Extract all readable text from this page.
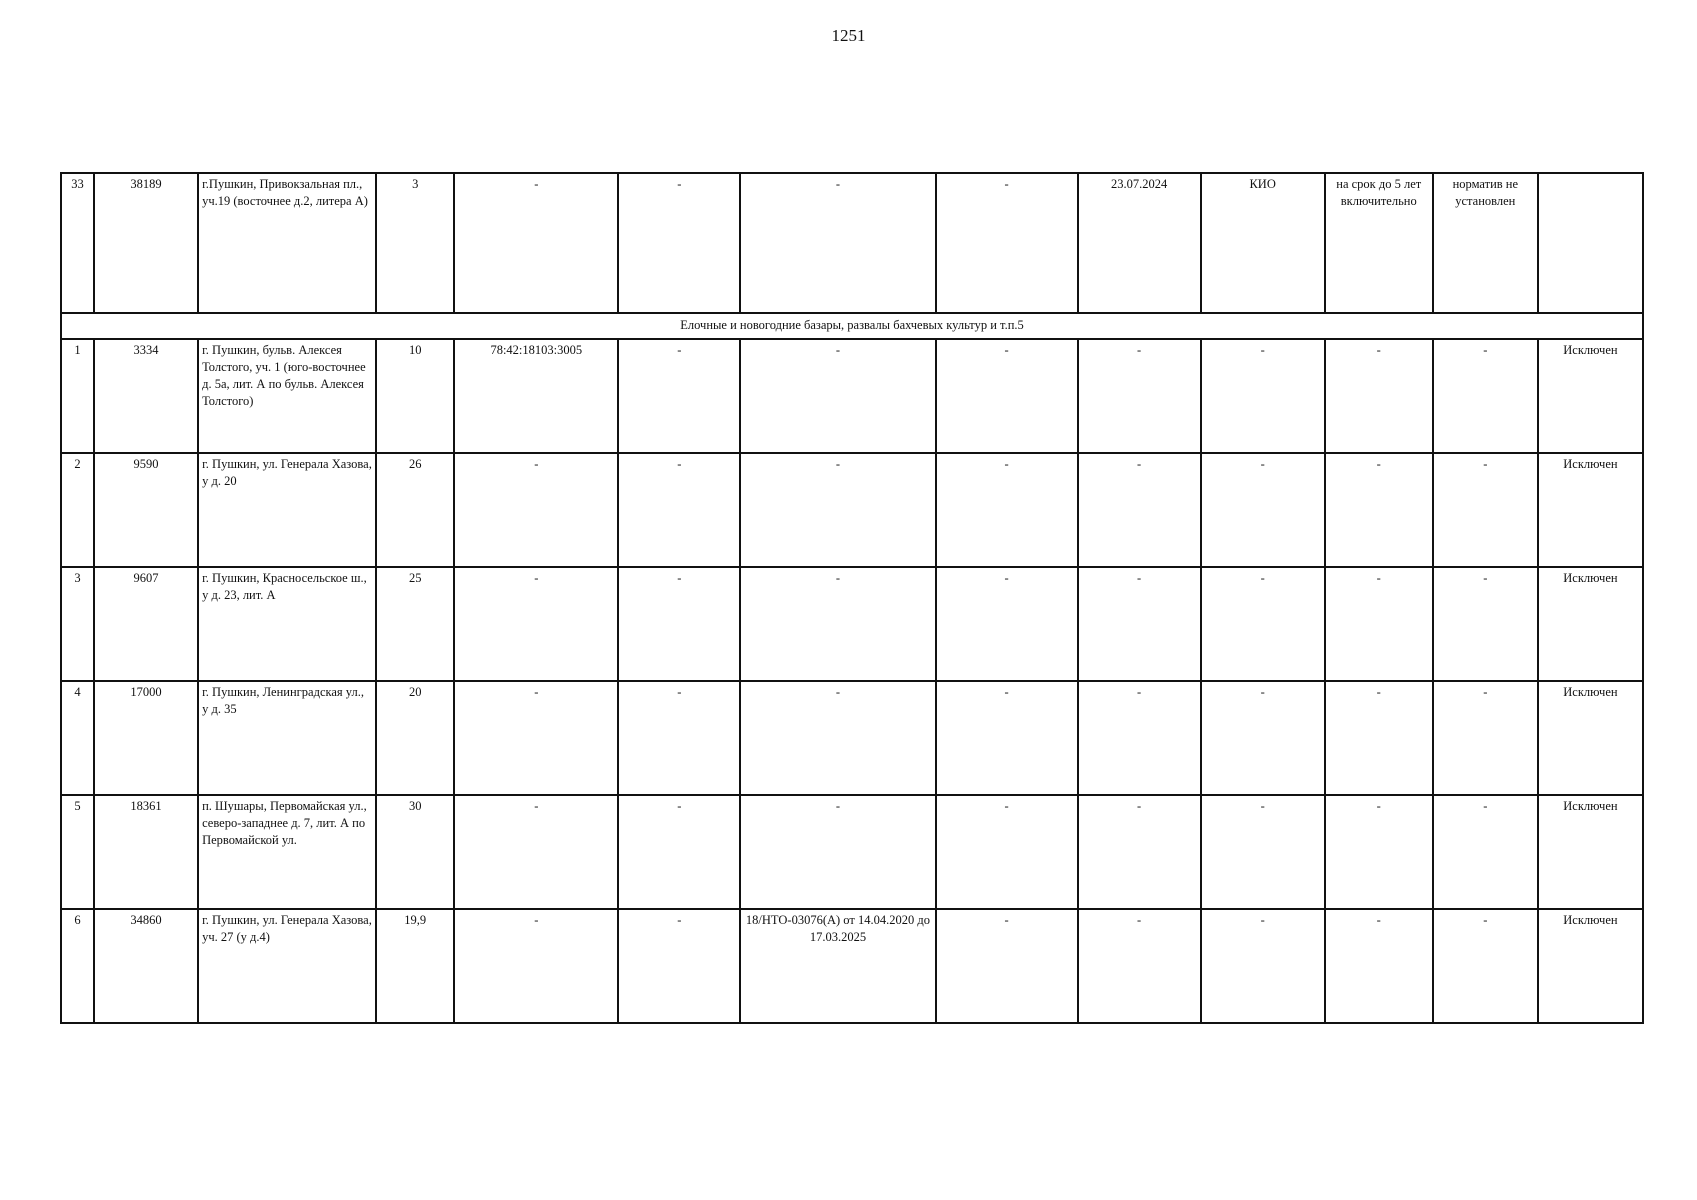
1251
33	38189	г.Пушкин, Привокзальная пл., уч.19 (восточнее д.2, литера А)	3	-	-	-	-	23.07.2024	КИО	на срок до 5 лет включительно	норматив не установлен	
Елочные и новогодние базары, развалы бахчевых культур и т.п.5												
1	3334	г. Пушкин, бульв. Алексея Толстого, уч. 1 (юго-восточнее д. 5а, лит. А по бульв. Алексея Толстого)	10	78:42:18103:3005	-	-	-	-	-	-	-	Исключен
2	9590	г. Пушкин, ул. Генерала Хазова, у д. 20	26	-	-	-	-	-	-	-	-	Исключен
3	9607	г. Пушкин, Красносельское ш., у д. 23, лит. А	25	-	-	-	-	-	-	-	-	Исключен
4	17000	г. Пушкин, Ленинградская ул., у д. 35	20	-	-	-	-	-	-	-	-	Исключен
5	18361	п. Шушары, Первомайская ул., северо-западнее д. 7, лит. А по Первомайской ул.	30	-	-	-	-	-	-	-	-	Исключен
6	34860	г. Пушкин, ул. Генерала Хазова, уч. 27 (у д.4)	19,9	-	-	18/НТО-03076(А) от 14.04.2020 до 17.03.2025	-	-	-	-	-	Исключен
